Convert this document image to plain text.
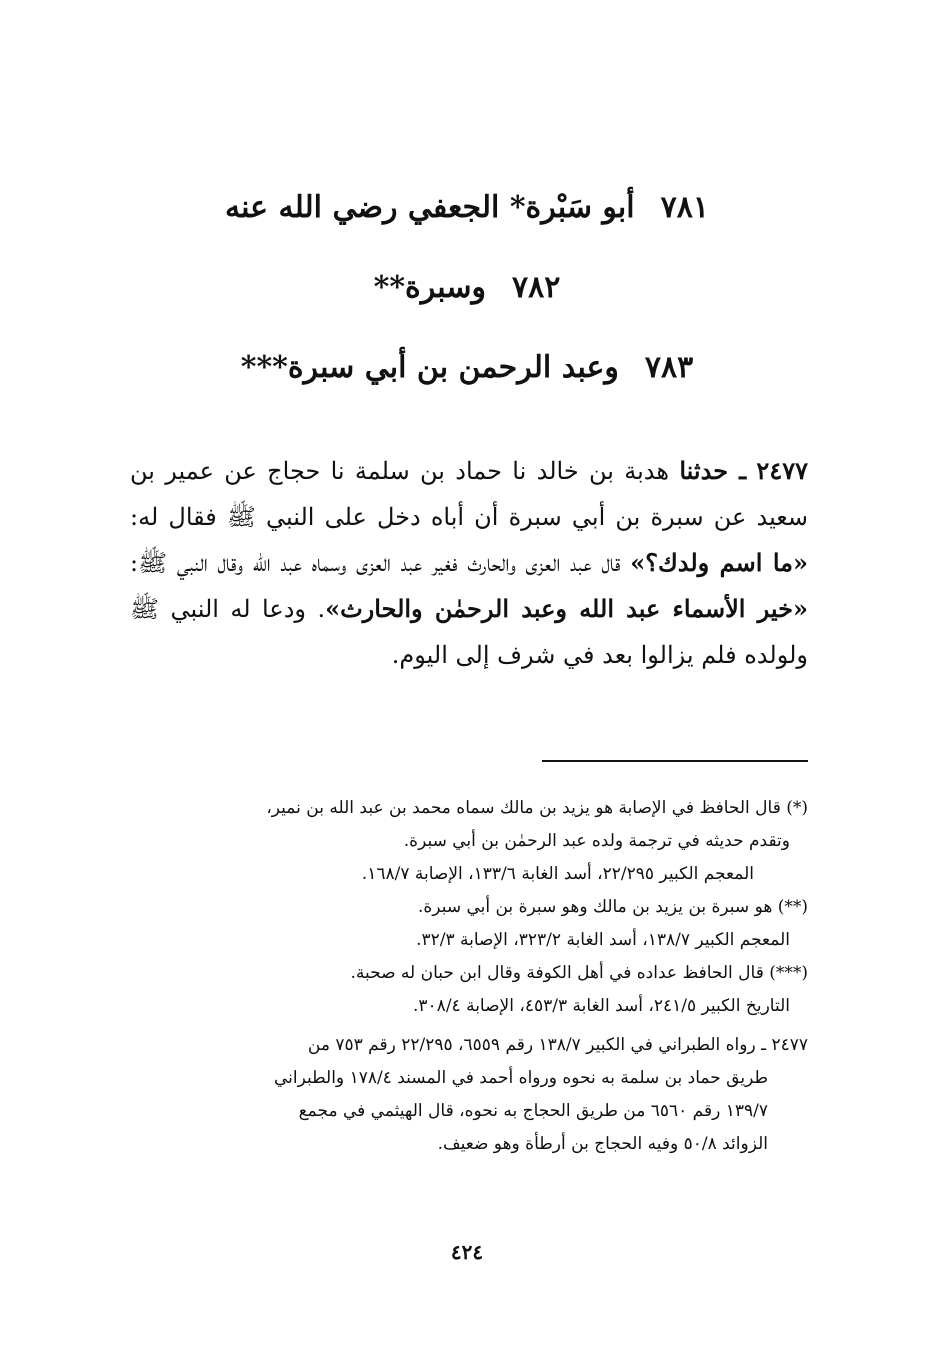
٧٨١أبو سَبْرة* الجعفي رضي الله عنه
٧٨٢وسبرة**
٧٨٣وعبد الرحمن بن أبي سبرة***
٢٤٧٧ ـ حدثنا هدبة بن خالد نا حماد بن سلمة نا حجاج عن عمير بن سعيد عن سبرة بن أبي سبرة أن أباه دخل على النبي ﷺ فقال له: «ما اسم ولدك؟» قال عبد العزى والحارث فغير عبد العزى وسماه عبد الله وقال النبي ﷺ: «خير الأسماء عبد الله وعبد الرحمٰن والحارث». ودعا له النبي ﷺ ولولده فلم يزالوا بعد في شرف إلى اليوم.
(*) قال الحافظ في الإصابة هو يزيد بن مالك سماه محمد بن عبد الله بن نمير،
وتقدم حديثه في ترجمة ولده عبد الرحمٰن بن أبي سبرة.
المعجم الكبير ٢٢/٢٩٥، أسد الغابة ١٣٣/٦، الإصابة ١٦٨/٧.
(**) هو سبرة بن يزيد بن مالك وهو سبرة بن أبي سبرة.
المعجم الكبير ١٣٨/٧، أسد الغابة ٣٢٣/٢، الإصابة ٣٢/٣.
(***) قال الحافظ عداده في أهل الكوفة وقال ابن حبان له صحبة.
التاريخ الكبير ٢٤١/٥، أسد الغابة ٤٥٣/٣، الإصابة ٣٠٨/٤.
٢٤٧٧ ـ رواه الطبراني في الكبير ١٣٨/٧ رقم ٦٥٥٩، ٢٢/٢٩٥ رقم ٧٥٣ من
طريق حماد بن سلمة به نحوه ورواه أحمد في المسند ١٧٨/٤ والطبراني
١٣٩/٧ رقم ٦٥٦٠ من طريق الحجاج به نحوه، قال الهيثمي في مجمع
الزوائد ٥٠/٨ وفيه الحجاج بن أرطأة وهو ضعيف.
٤٢٤
